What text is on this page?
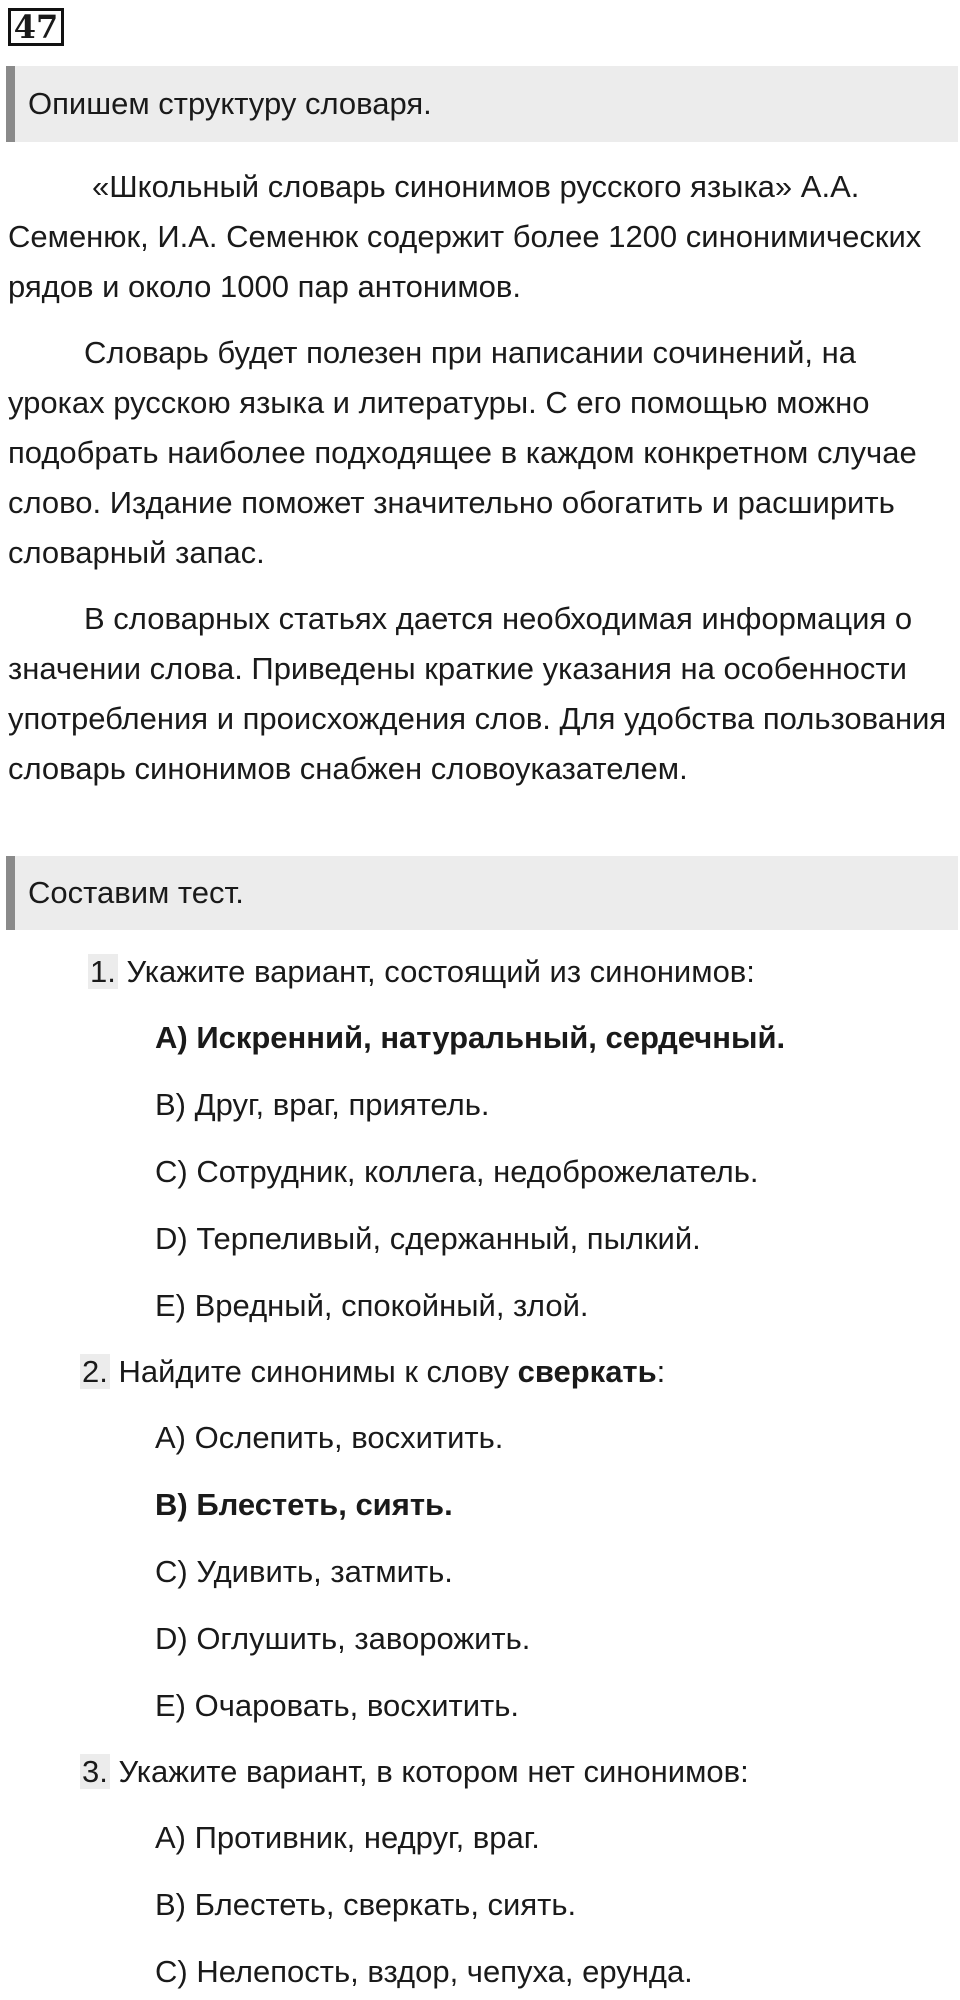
47
Опишем структуру словаря.

«Школьный словарь синонимов русского языка» А.А. Семенюк, И.А. Семенюк содержит более 1200 синонимических рядов и около 1000 пар антонимов.

Словарь будет полезен при написании сочинений, на уроках русскою языка и литературы. С его помощью можно подобрать наиболее подходящее в каждом конкретном случае слово. Издание поможет значительно обогатить и расширить словарный запас.

В словарных статьях дается необходимая информация о значении слова. Приведены краткие указания на особенности употребления и происхождения слов. Для удобства пользования словарь синонимов снабжен словоуказателем.

Составим тест.
1. Укажите вариант, состоящий из синонимов:
A) Искренний, натуральный, сердечный.
B) Друг, враг, приятель.
C) Сотрудник, коллега, недоброжелатель.
D) Терпеливый, сдержанный, пылкий.
E) Вредный, спокойный, злой.
2. Найдите синонимы к слову сверкать:
A) Ослепить, восхитить.
B) Блестеть, сиять.
C) Удивить, затмить.
D) Оглушить, заворожить.
E) Очаровать, восхитить.
3. Укажите вариант, в котором нет синонимов:
A) Противник, недруг, враг.
B) Блестеть, сверкать, сиять.
C) Нелепость, вздор, чепуха, ерунда.
